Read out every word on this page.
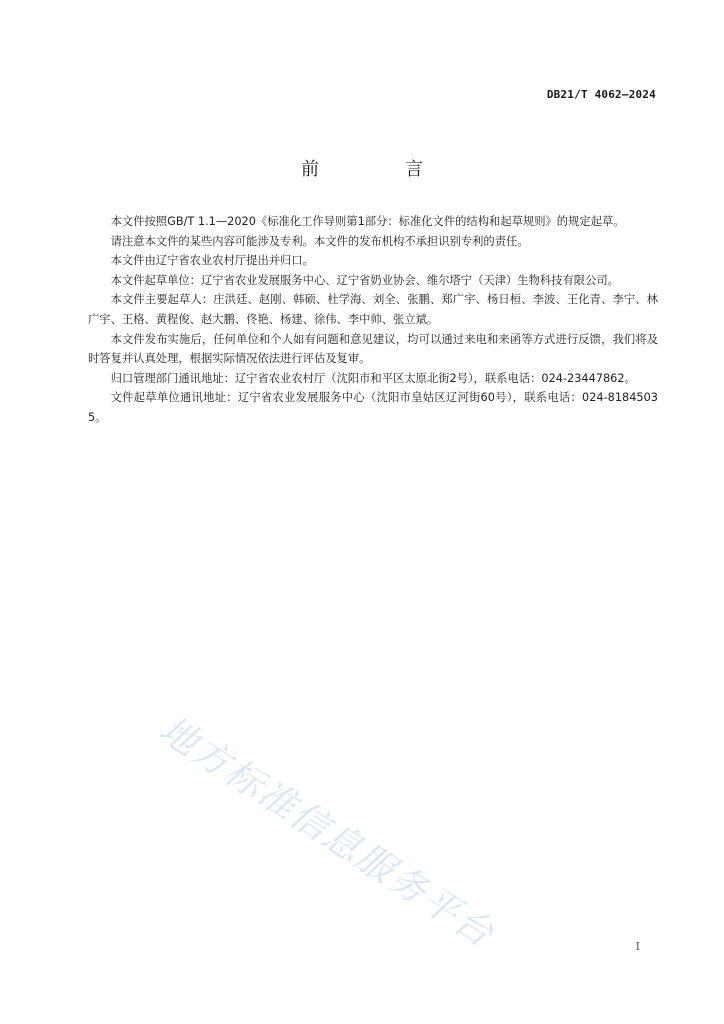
DB21/T 4062—2024
前　言

本文件按照GB/T 1.1—2020《标准化工作导则第1部分：标准化文件的结构和起草规则》的规定起草。

请注意本文件的某些内容可能涉及专利。本文件的发布机构不承担识别专利的责任。

本文件由辽宁省农业农村厅提出并归口。

本文件起草单位：辽宁省农业发展服务中心、辽宁省奶业协会、维尔塔宁（天津）生物科技有限公司。

本文件主要起草人：庄洪廷、赵刚、韩硕、杜学海、刘全、张鹏、郑广宇、杨日桓、李波、王化青、李宁、林广宇、王格、黄程俊、赵大鹏、佟艳、杨建、徐伟、李中帅、张立斌。

本文件发布实施后，任何单位和个人如有问题和意见建议，均可以通过来电和来函等方式进行反馈，我们将及时答复并认真处理，根据实际情况依法进行评估及复审。

归口管理部门通讯地址：辽宁省农业农村厅（沈阳市和平区太原北街2号），联系电话：024-23447862。

文件起草单位通讯地址：辽宁省农业发展服务中心（沈阳市皇姑区辽河街60号），联系电话：024-81845035。

地方标准信息服务平台	I
